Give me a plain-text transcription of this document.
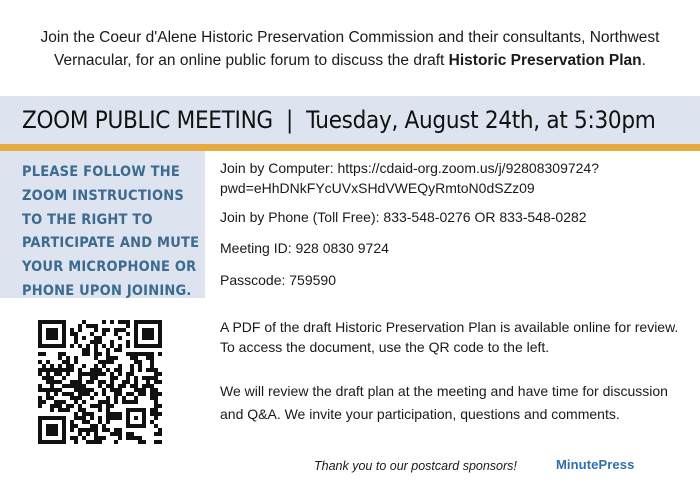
Join the Coeur d'Alene Historic Preservation Commission and their consultants, Northwest
Vernacular, for an online public forum to discuss the draft Historic Preservation Plan.
ZOOM PUBLIC MEETING  |  Tuesday, August 24th, at 5:30pm
PLEASE FOLLOW THE ZOOM INSTRUCTIONS TO THE RIGHT TO PARTICIPATE AND MUTE YOUR MICROPHONE OR PHONE UPON JOINING.
Join by Computer: https://cdaid-org.zoom.us/j/92808309724?
pwd=eHhDNkFYcUVxSHdVWEQyRmtoN0dSZz09
Join by Phone (Toll Free): 833-548-0276 OR 833-548-0282
Meeting ID: 928 0830 9724
Passcode: 759590
A PDF of the draft Historic Preservation Plan is available online for review. To access the document, use the QR code to the left.
We will review the draft plan at the meeting and have time for discussion and Q&A. We invite your participation, questions and comments.
Thank you to our postcard sponsors!	MinutePress
